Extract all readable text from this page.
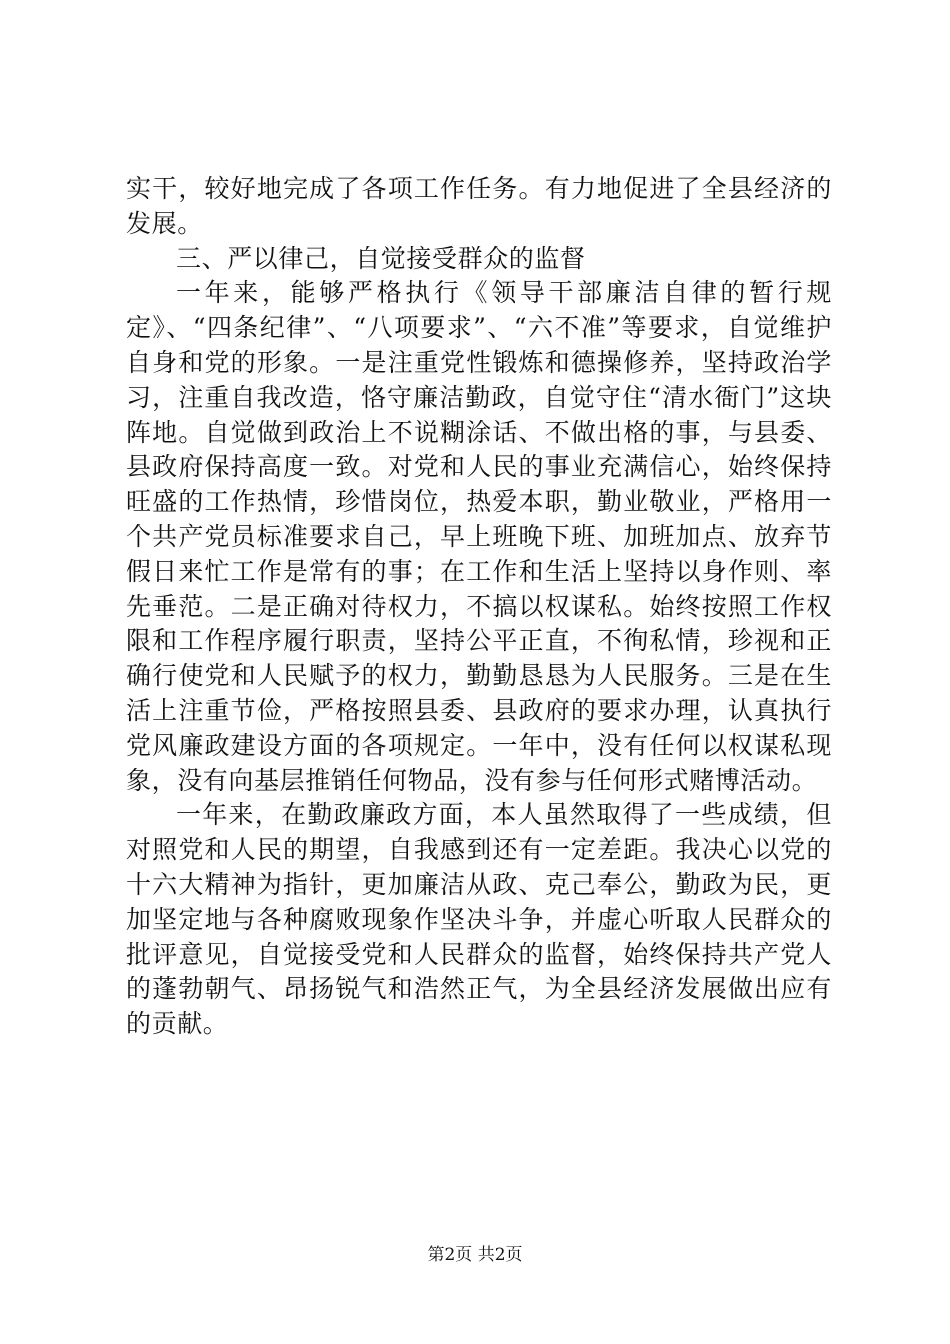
实干，较好地完成了各项工作任务。有力地促进了全县经济的发展。

三、严以律己，自觉接受群众的监督

一年来，能够严格执行《领导干部廉洁自律的暂行规定》、“四条纪律”、“八项要求”、“六不准”等要求，自觉维护自身和党的形象。一是注重党性锻炼和德操修养，坚持政治学习，注重自我改造，恪守廉洁勤政，自觉守住“清水衙门”这块阵地。自觉做到政治上不说糊涂话、不做出格的事，与县委、县政府保持高度一致。对党和人民的事业充满信心，始终保持旺盛的工作热情，珍惜岗位，热爱本职，勤业敬业，严格用一个共产党员标准要求自己，早上班晚下班、加班加点、放弃节假日来忙工作是常有的事；在工作和生活上坚持以身作则、率先垂范。二是正确对待权力，不搞以权谋私。始终按照工作权限和工作程序履行职责，坚持公平正直，不徇私情，珍视和正确行使党和人民赋予的权力，勤勤恳恳为人民服务。三是在生活上注重节俭，严格按照县委、县政府的要求办理，认真执行党风廉政建设方面的各项规定。一年中，没有任何以权谋私现象，没有向基层推销任何物品，没有参与任何形式赌博活动。

一年来，在勤政廉政方面，本人虽然取得了一些成绩，但对照党和人民的期望，自我感到还有一定差距。我决心以党的十六大精神为指针，更加廉洁从政、克己奉公，勤政为民，更加坚定地与各种腐败现象作坚决斗争，并虚心听取人民群众的批评意见，自觉接受党和人民群众的监督，始终保持共产党人的蓬勃朝气、昂扬锐气和浩然正气，为全县经济发展做出应有的贡献。

第2页 共2页
